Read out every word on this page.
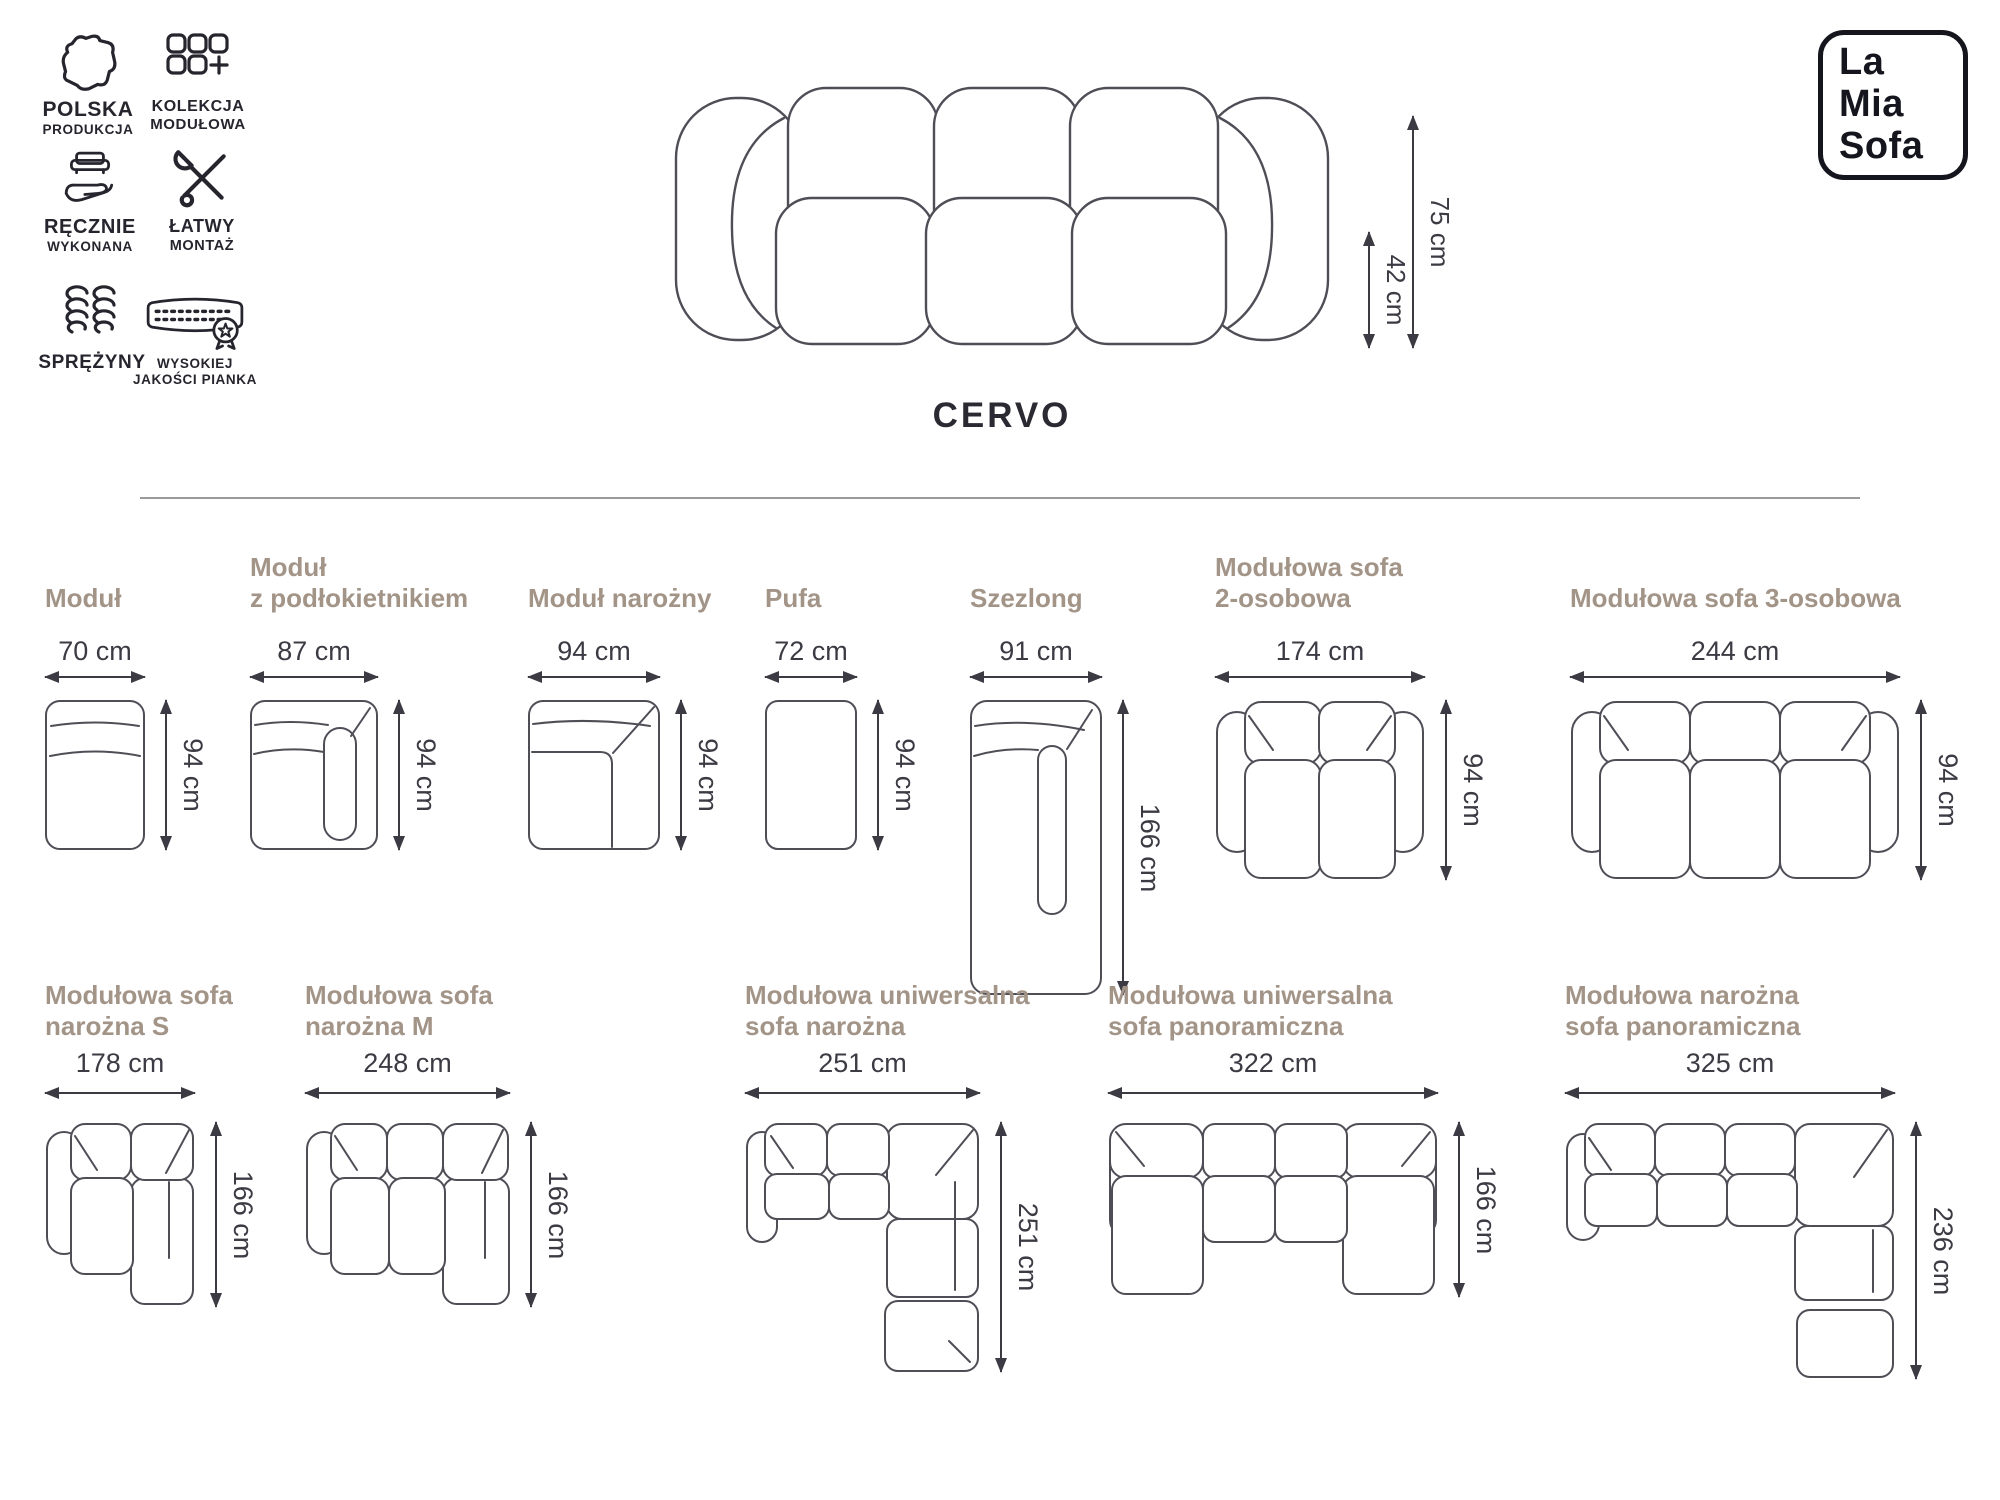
POLSKA
PRODUKCJA
KOLEKCJA
MODUŁOWA
RĘCZNIE
WYKONANA
ŁATWY
MONTAŻ
SPRĘŻYNY WYSOKIEJ
JAKOŚCI PIANKA
La
Mia
Sofa
42 cm
75 cm
CERVO
Moduł
70 cm
94 cm
Moduł
z podłokietnikiem
87 cm
94 cm
Moduł narożny
94 cm
94 cm
Pufa
72 cm
94 cm
Szezlong
91 cm
166 cm
Modułowa sofa
2-osobowa
174 cm
94 cm
Modułowa sofa 3-osobowa
244 cm
94 cm
Modułowa sofa
narożna S
178 cm
166 cm
Modułowa sofa
narożna M
248 cm
166 cm
Modułowa uniwersalna
sofa narożna
251 cm
251 cm
Modułowa uniwersalna
sofa panoramiczna
322 cm
166 cm
Modułowa narożna
sofa panoramiczna
325 cm
236 cm
